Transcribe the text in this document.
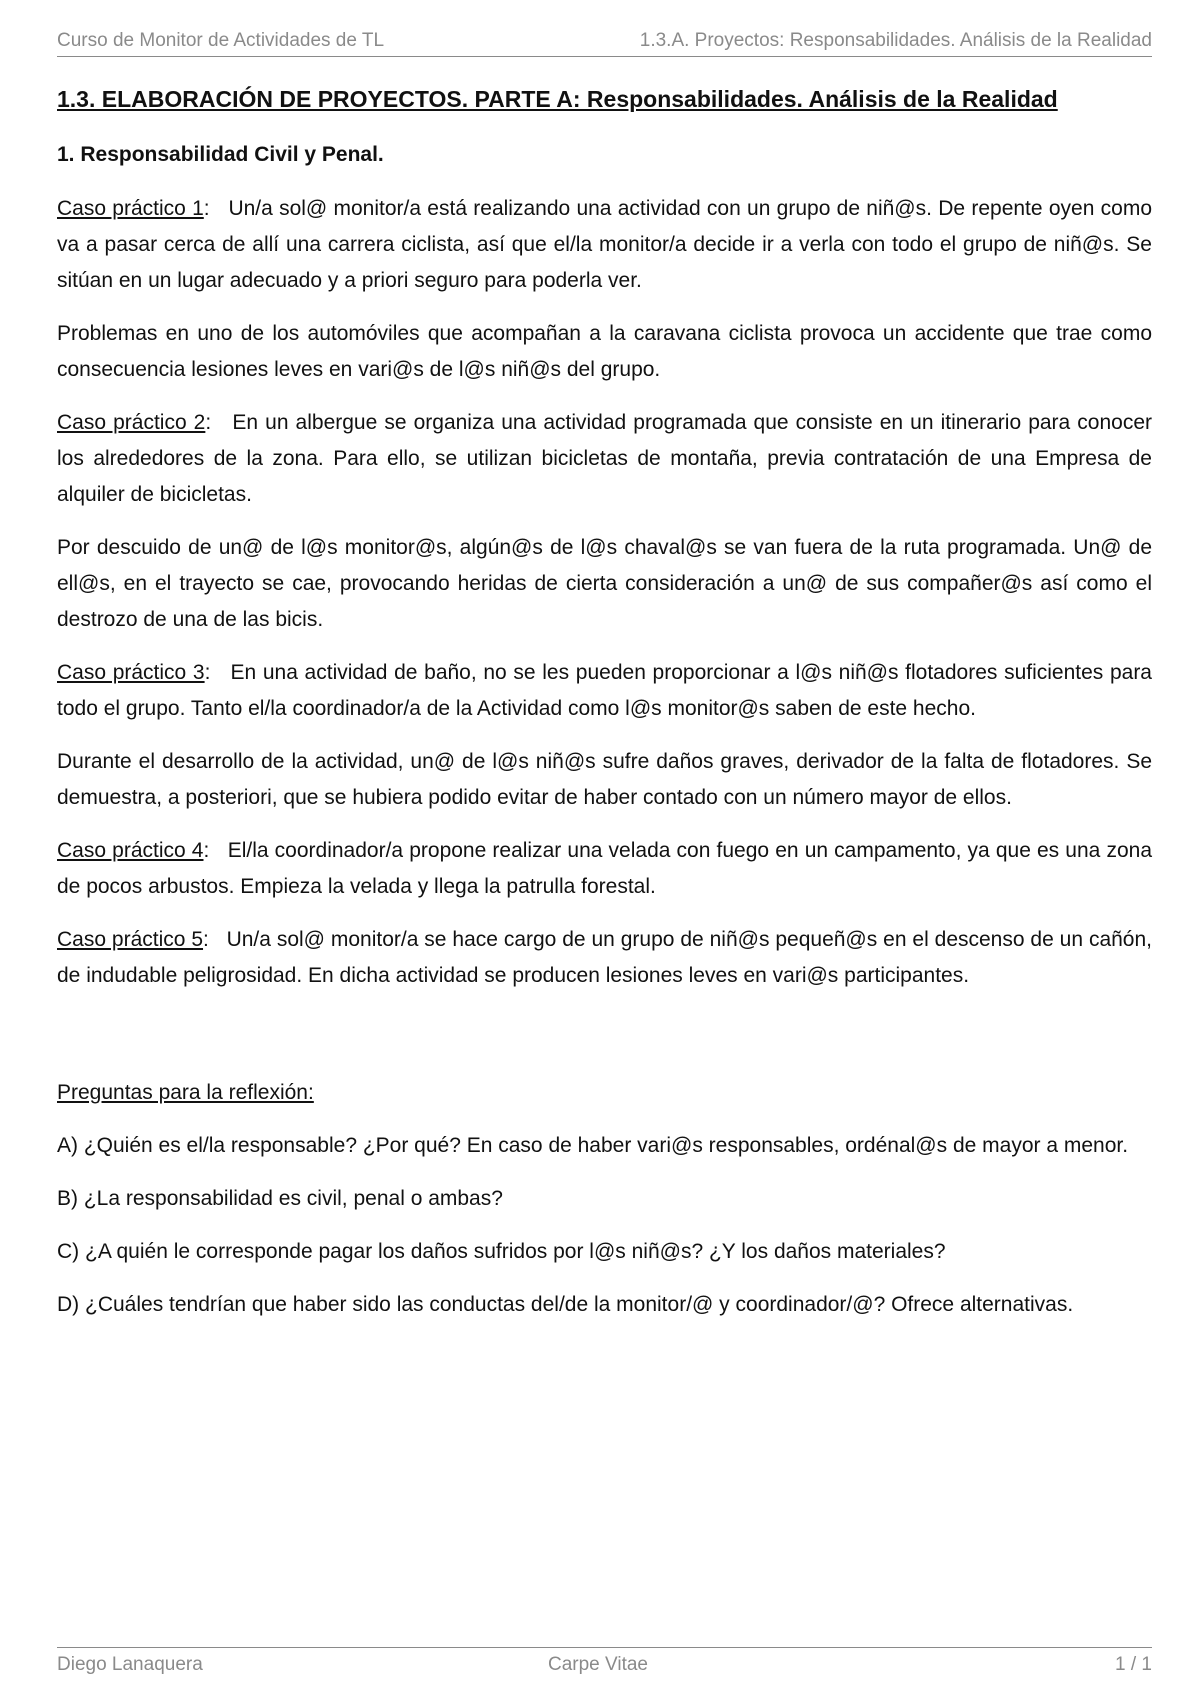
Curso de Monitor de Actividades de TL	1.3.A. Proyectos: Responsabilidades. Análisis de la Realidad
1.3. ELABORACIÓN DE PROYECTOS. PARTE A: Responsabilidades. Análisis de la Realidad
1. Responsabilidad Civil y Penal.

Caso práctico 1:   Un/a sol@ monitor/a está realizando una actividad con un grupo de niñ@s. De repente oyen como va a pasar cerca de allí una carrera ciclista, así que el/la monitor/a decide ir a verla con todo el grupo de niñ@s. Se sitúan en un lugar adecuado y a priori seguro para poderla ver.

Problemas en uno de los automóviles que acompañan a la caravana ciclista provoca un accidente que trae como consecuencia lesiones leves en vari@s de l@s niñ@s del grupo.

Caso práctico 2:   En un albergue se organiza una actividad programada que consiste en un itinerario para conocer los alrededores de la zona. Para ello, se utilizan bicicletas de montaña, previa contratación de una Empresa de alquiler de bicicletas.

Por descuido de un@ de l@s monitor@s, algún@s de l@s chaval@s se van fuera de la ruta programada. Un@ de ell@s, en el trayecto se cae, provocando heridas de cierta consideración a un@ de sus compañer@s así como el destrozo de una de las bicis.

Caso práctico 3:   En una actividad de baño, no se les pueden proporcionar a l@s niñ@s flotadores suficientes para todo el grupo. Tanto el/la coordinador/a de la Actividad como l@s monitor@s saben de este hecho.

Durante el desarrollo de la actividad, un@ de l@s niñ@s sufre daños graves, derivador de la falta de flotadores. Se demuestra, a posteriori, que se hubiera podido evitar de haber contado con un número mayor de ellos.

Caso práctico 4:   El/la coordinador/a propone realizar una velada con fuego en un campamento, ya que es una zona de pocos arbustos. Empieza la velada y llega la patrulla forestal.

Caso práctico 5:   Un/a sol@ monitor/a se hace cargo de un grupo de niñ@s pequeñ@s en el descenso de un cañón, de indudable peligrosidad. En dicha actividad se producen lesiones leves en vari@s participantes.

Preguntas para la reflexión:

A) ¿Quién es el/la responsable? ¿Por qué? En caso de haber vari@s responsables, ordénal@s de mayor a menor.

B) ¿La responsabilidad es civil, penal o ambas?

C) ¿A quién le corresponde pagar los daños sufridos por l@s niñ@s? ¿Y los daños materiales?

D) ¿Cuáles tendrían que haber sido las conductas del/de la monitor/@ y coordinador/@? Ofrece alternativas.

Diego Lanaquera	Carpe Vitae	1 / 1
